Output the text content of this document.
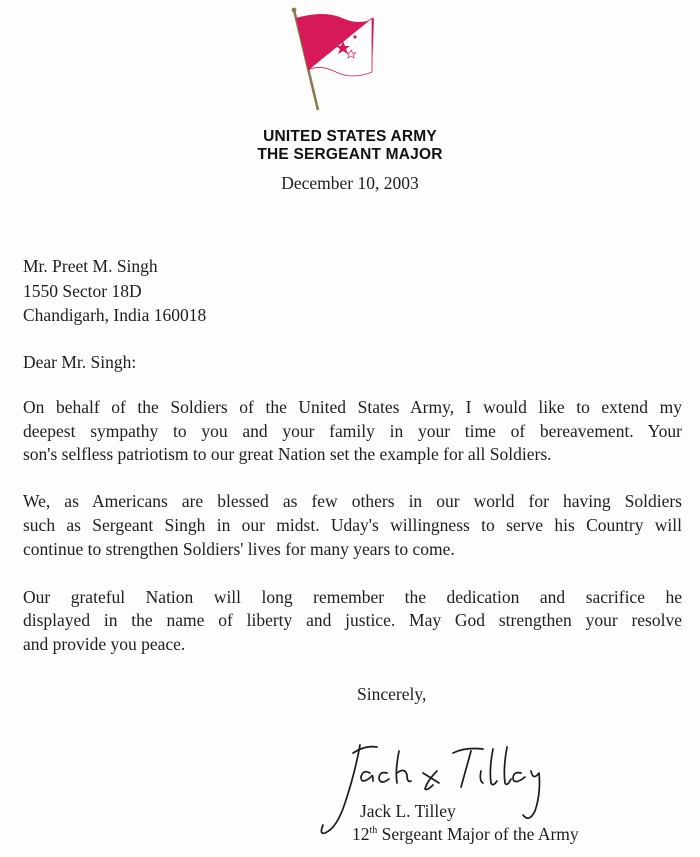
UNITED STATES ARMY
THE SERGEANT MAJOR
December 10, 2003
Mr. Preet M. Singh
1550 Sector 18D
Chandigarh, India 160018
Dear Mr. Singh:
On behalf of the Soldiers of the United States Army, I would like to extend my
deepest sympathy to you and your family in your time of bereavement. Your
son's selfless patriotism to our great Nation set the example for all Soldiers.
We, as Americans are blessed as few others in our world for having Soldiers
such as Sergeant Singh in our midst. Uday's willingness to serve his Country will
continue to strengthen Soldiers' lives for many years to come.
Our grateful Nation will long remember the dedication and sacrifice he
displayed in the name of liberty and justice. May God strengthen your resolve
and provide you peace.
Sincerely,
Jack L. Tilley
12th Sergeant Major of the Army
